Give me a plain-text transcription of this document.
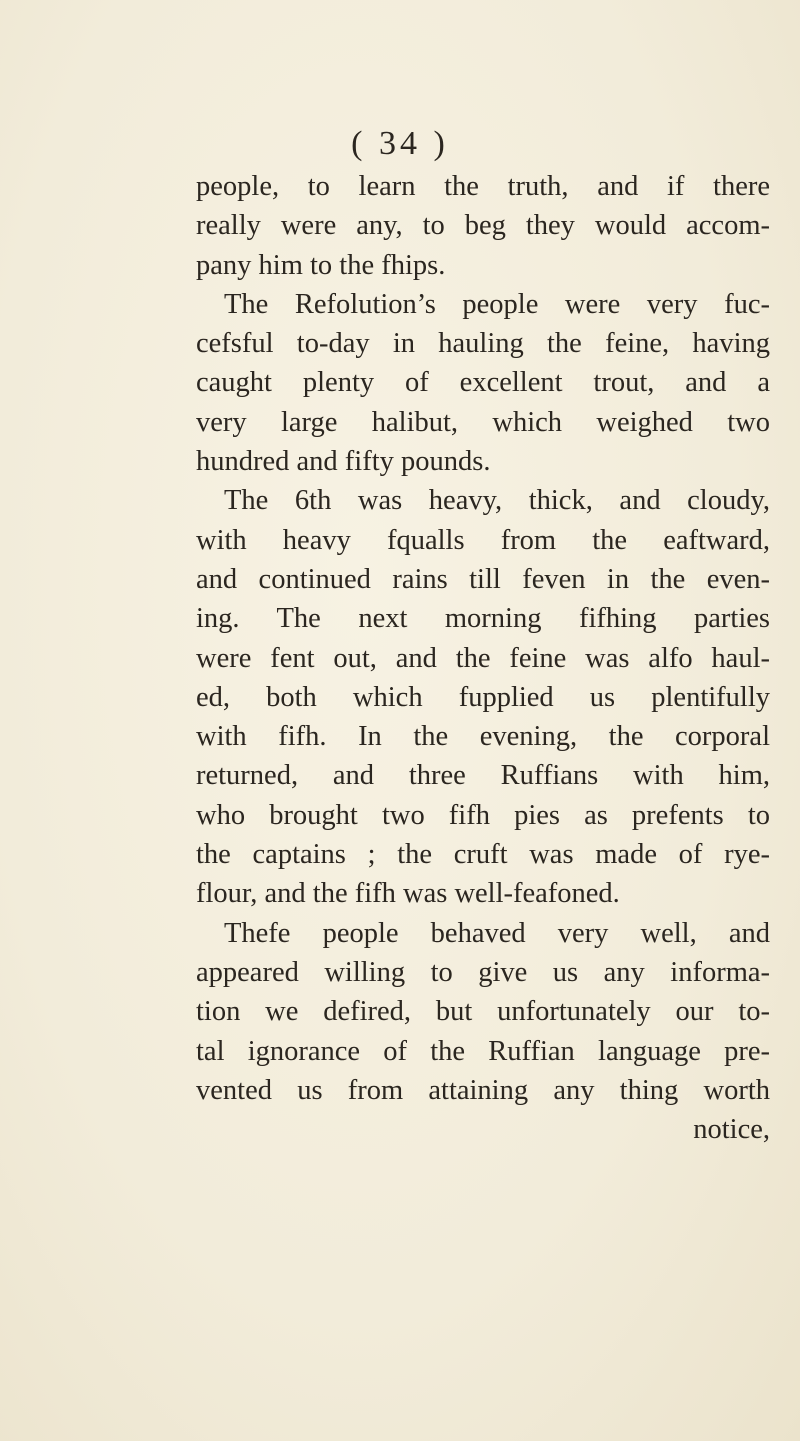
( 34 )
people, to learn the truth, and if there
really were any, to beg they would accom-
pany him to the fhips.
The Refolution’s people were very fuc-
cefsful to-day in hauling the feine, having
caught plenty of excellent trout, and a
very large halibut, which weighed two
hundred and fifty pounds.
The 6th was heavy, thick, and cloudy,
with heavy fqualls from the eaftward,
and continued rains till feven in the even-
ing. The next morning fifhing parties
were fent out, and the feine was alfo haul-
ed, both which fupplied us plentifully
with fifh. In the evening, the corporal
returned, and three Ruffians with him,
who brought two fifh pies as prefents to
the captains ; the cruft was made of rye-
flour, and the fifh was well-feafoned.
Thefe people behaved very well, and
appeared willing to give us any informa-
tion we defired, but unfortunately our to-
tal ignorance of the Ruffian language pre-
vented us from attaining any thing worth
notice,
